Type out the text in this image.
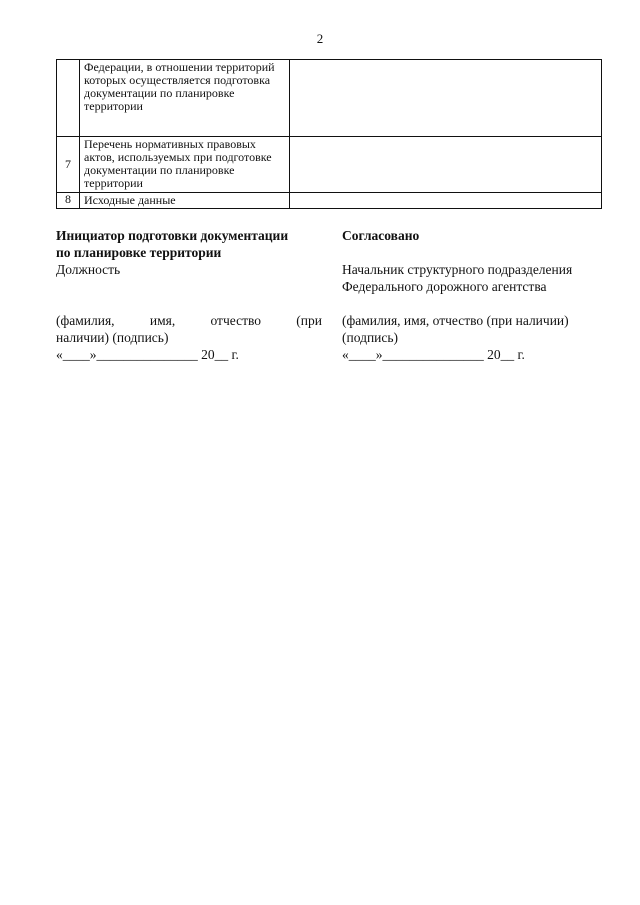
2
	Федерации, в отношении территорий которых осуществляется подготовка документации по планировке территории	
7	Перечень нормативных правовых актов, используемых при подготовке документации по планировке территории	
8	Исходные данные	
Инициатор подготовки документации
по планировке территории
Должность
(фамилия,	имя,	отчество	(при
наличии) (подпись)
«____»_______________ 20__ г.
Согласовано
Начальник структурного подразделения
Федерального дорожного агентства
(фамилия, имя, отчество (при наличии)
(подпись)
«____»_______________ 20__ г.
